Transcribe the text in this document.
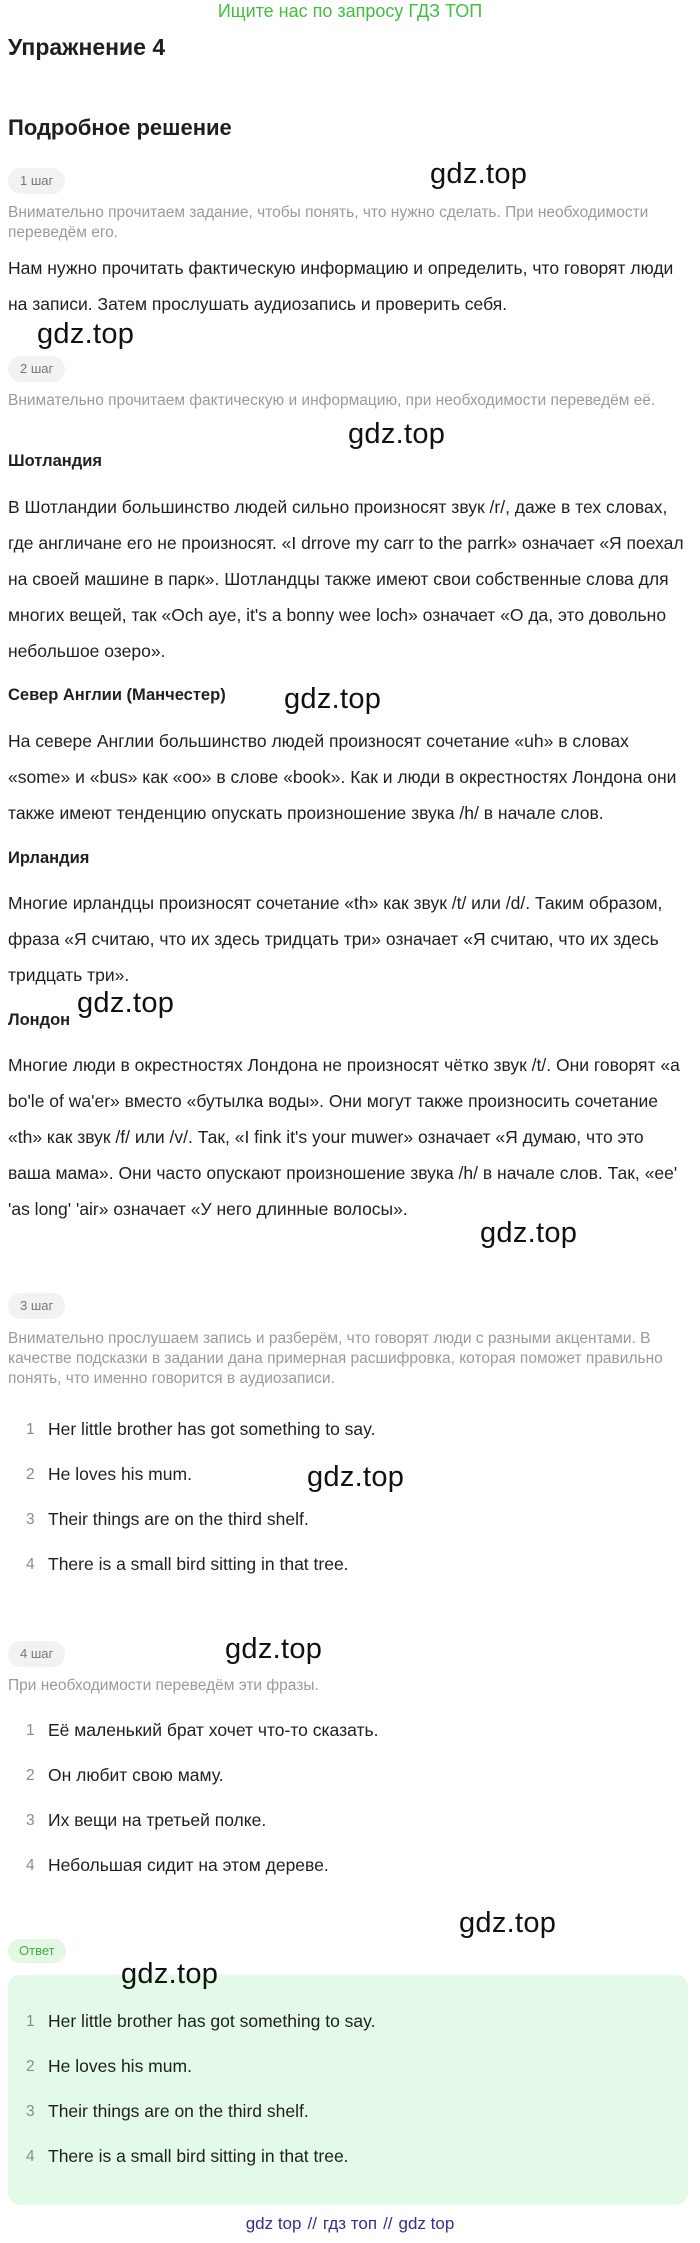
Ищите нас по запросу ГДЗ ТОП
Упражнение 4
Подробное решение
1 шаг
Внимательно прочитаем задание, чтобы понять, что нужно сделать. При необходимости переведём его.
Нам нужно прочитать фактическую информацию и определить, что говорят люди на записи. Затем прослушать аудиозапись и проверить себя.
2 шаг
Внимательно прочитаем фактическую и информацию, при необходимости переведём её.
Шотландия
В Шотландии большинство людей сильно произносят звук /r/, даже в тех словах, где англичане его не произносят. «I drrove my carr to the parrk» означает «Я поехал на своей машине в парк». Шотландцы также имеют свои собственные слова для многих вещей, так «Och aye, it's a bonny wee loch» означает «О да, это довольно небольшое озеро».
Север Англии (Манчестер)
На севере Англии большинство людей произносят сочетание «uh» в словах «some» и «bus» как «oo» в слове «book». Как и люди в окрестностях Лондона они также имеют тенденцию опускать произношение звука /h/ в начале слов.
Ирландия
Многие ирландцы произносят сочетание «th» как звук /t/ или /d/. Таким образом, фраза «Я считаю, что их здесь тридцать три» означает «Я считаю, что их здесь тридцать три».
Лондон
Многие люди в окрестностях Лондона не произносят чётко звук /t/. Они говорят «a bo'le of wa'er» вместо «бутылка воды». Они могут также произносить сочетание «th» как звук /f/ или /v/. Так, «I fink it's your muwer» означает «Я думаю, что это ваша мама». Они часто опускают произношение звука /h/ в начале слов. Так, «ee' 'as long' 'air» означает «У него длинные волосы».
3 шаг
Внимательно прослушаем запись и разберём, что говорят люди с разными акцентами. В качестве подсказки в задании дана примерная расшифровка, которая поможет правильно понять, что именно говорится в аудиозаписи.
1 Her little brother has got something to say.
2 He loves his mum.
3 Their things are on the third shelf.
4 There is a small bird sitting in that tree.
4 шаг
При необходимости переведём эти фразы.
1 Её маленький брат хочет что-то сказать.
2 Он любит свою маму.
3 Их вещи на третьей полке.
4 Небольшая сидит на этом дереве.
Ответ
1 Her little brother has got something to say.
2 He loves his mum.
3 Their things are on the third shelf.
4 There is a small bird sitting in that tree.
gdz.top
gdz.top
gdz.top
gdz.top
gdz.top
gdz.top
gdz.top
gdz.top
gdz.top
gdz.top
gdz top // гдз топ // gdz top
